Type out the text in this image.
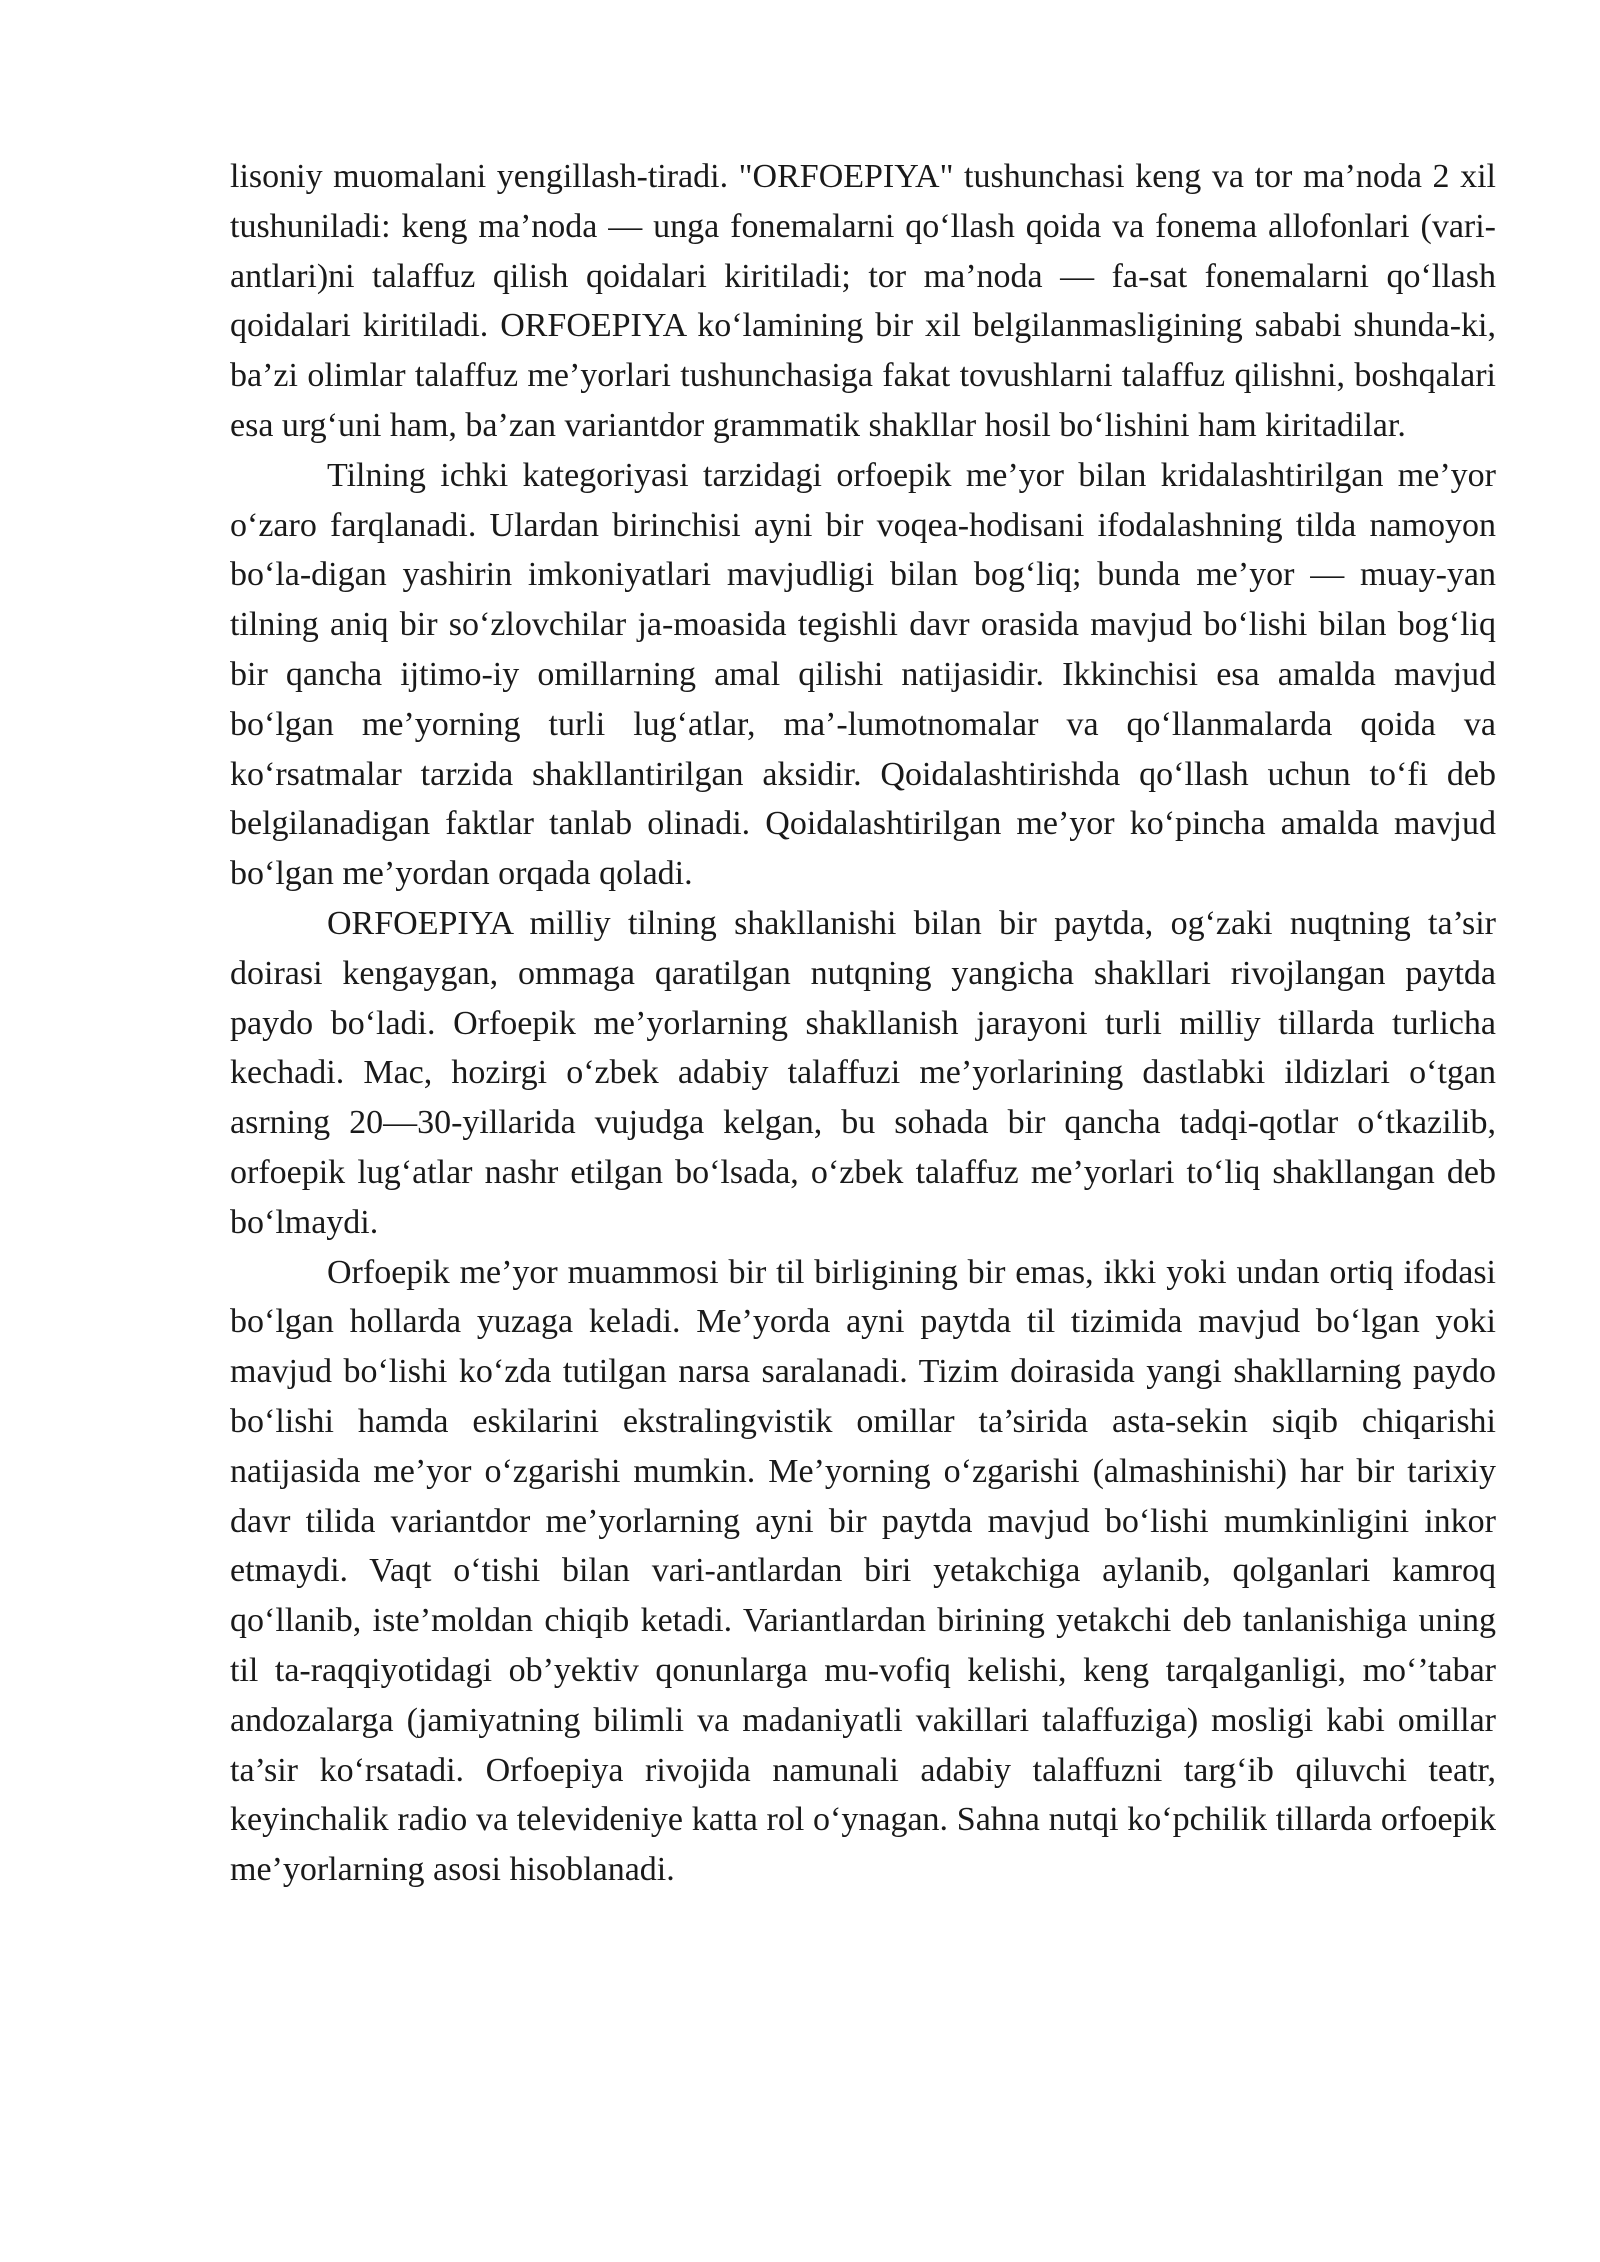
lisoniy muomalani yengillash-tiradi. "ORFOEPIYA" tushunchasi keng va tor ma’noda 2 xil tushuniladi: keng ma’noda — unga fonemalarni qo‘llash qoida va fonema allofonlari (vari-antlari)ni talaffuz qilish qoidalari kiritiladi; tor ma’noda — fa-sat fonemalarni qo‘llash qoidalari kiritiladi. ORFOEPIYA ko‘lamining bir xil belgilanmasligining sababi shunda-ki, ba’zi olimlar talaffuz me’yorlari tushunchasiga fakat tovushlarni talaffuz qilishni, boshqalari esa urg‘uni ham, ba’zan variantdor grammatik shakllar hosil bo‘lishini ham kiritadilar.

Tilning ichki kategoriyasi tarzidagi orfoepik me’yor bilan kridalashtirilgan me’yor o‘zaro farqlanadi. Ulardan birinchisi ayni bir voqea-hodisani ifodalashning tilda namoyon bo‘la-digan yashirin imkoniyatlari mavjudligi bilan bog‘liq; bunda me’yor — muay-yan tilning aniq bir so‘zlovchilar ja-moasida tegishli davr orasida mavjud bo‘lishi bilan bog‘liq bir qancha ijtimo-iy omillarning amal qilishi natijasidir. Ikkinchisi esa amalda mavjud bo‘lgan me’yorning turli lug‘atlar, ma’-lumotnomalar va qo‘llanmalarda qoida va ko‘rsatmalar tarzida shakllantirilgan aksidir. Qoidalashtirishda qo‘llash uchun to‘fi deb belgilanadigan faktlar tanlab olinadi. Qoidalashtirilgan me’yor ko‘pincha amalda mavjud bo‘lgan me’yordan orqada qoladi.

ORFOEPIYA milliy tilning shakllanishi bilan bir paytda, og‘zaki nuqtning ta’sir doirasi kengaygan, ommaga qaratilgan nutqning yangicha shakllari rivojlangan paytda paydo bo‘ladi. Orfoepik me’yorlarning shakllanish jarayoni turli milliy tillarda turlicha kechadi. Mac, hozirgi o‘zbek adabiy talaffuzi me’yorlarining dastlabki ildizlari o‘tgan asrning 20—30-yillarida vujudga kelgan, bu sohada bir qancha tadqi-qotlar o‘tkazilib, orfoepik lug‘atlar nashr etilgan bo‘lsada, o‘zbek talaffuz me’yorlari to‘liq shakllangan deb bo‘lmaydi.

Orfoepik me’yor muammosi bir til birligining bir emas, ikki yoki undan ortiq ifodasi bo‘lgan hollarda yuzaga keladi. Me’yorda ayni paytda til tizimida mavjud bo‘lgan yoki mavjud bo‘lishi ko‘zda tutilgan narsa saralanadi. Tizim doirasida yangi shakllarning paydo bo‘lishi hamda eskilarini ekstralingvistik omillar ta’sirida asta-sekin siqib chiqarishi natijasida me’yor o‘zgarishi mumkin. Me’yorning o‘zgarishi (almashinishi) har bir tarixiy davr tilida variantdor me’yorlarning ayni bir paytda mavjud bo‘lishi mumkinligini inkor etmaydi. Vaqt o‘tishi bilan vari-antlardan biri yetakchiga aylanib, qolganlari kamroq qo‘llanib, iste’moldan chiqib ketadi. Variantlardan birining yetakchi deb tanlanishiga uning til ta-raqqiyotidagi ob’yektiv qonunlarga mu-vofiq kelishi, keng tarqalganligi, mo‘’tabar andozalarga (jamiyatning bilimli va madaniyatli vakillari talaffuziga) mosligi kabi omillar ta’sir ko‘rsatadi. Orfoepiya rivojida namunali adabiy talaffuzni targ‘ib qiluvchi teatr, keyinchalik radio va televideniye katta rol o‘ynagan. Sahna nutqi ko‘pchilik tillarda orfoepik me’yorlarning asosi hisoblanadi.
